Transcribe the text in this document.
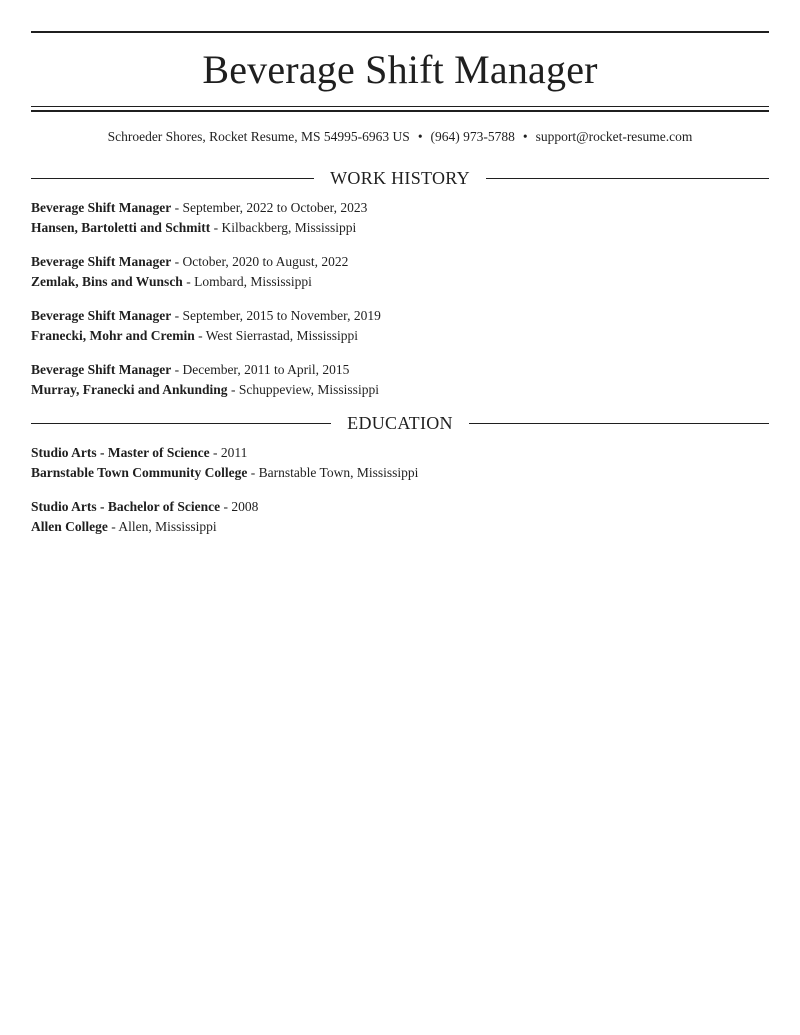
Beverage Shift Manager
Schroeder Shores, Rocket Resume, MS 54995-6963 US • (964) 973-5788 • support@rocket-resume.com
WORK HISTORY
Beverage Shift Manager - September, 2022 to October, 2023
Hansen, Bartoletti and Schmitt - Kilbackberg, Mississippi
Beverage Shift Manager - October, 2020 to August, 2022
Zemlak, Bins and Wunsch - Lombard, Mississippi
Beverage Shift Manager - September, 2015 to November, 2019
Franecki, Mohr and Cremin - West Sierrastad, Mississippi
Beverage Shift Manager - December, 2011 to April, 2015
Murray, Franecki and Ankunding - Schuppeview, Mississippi
EDUCATION
Studio Arts - Master of Science - 2011
Barnstable Town Community College - Barnstable Town, Mississippi
Studio Arts - Bachelor of Science - 2008
Allen College - Allen, Mississippi
